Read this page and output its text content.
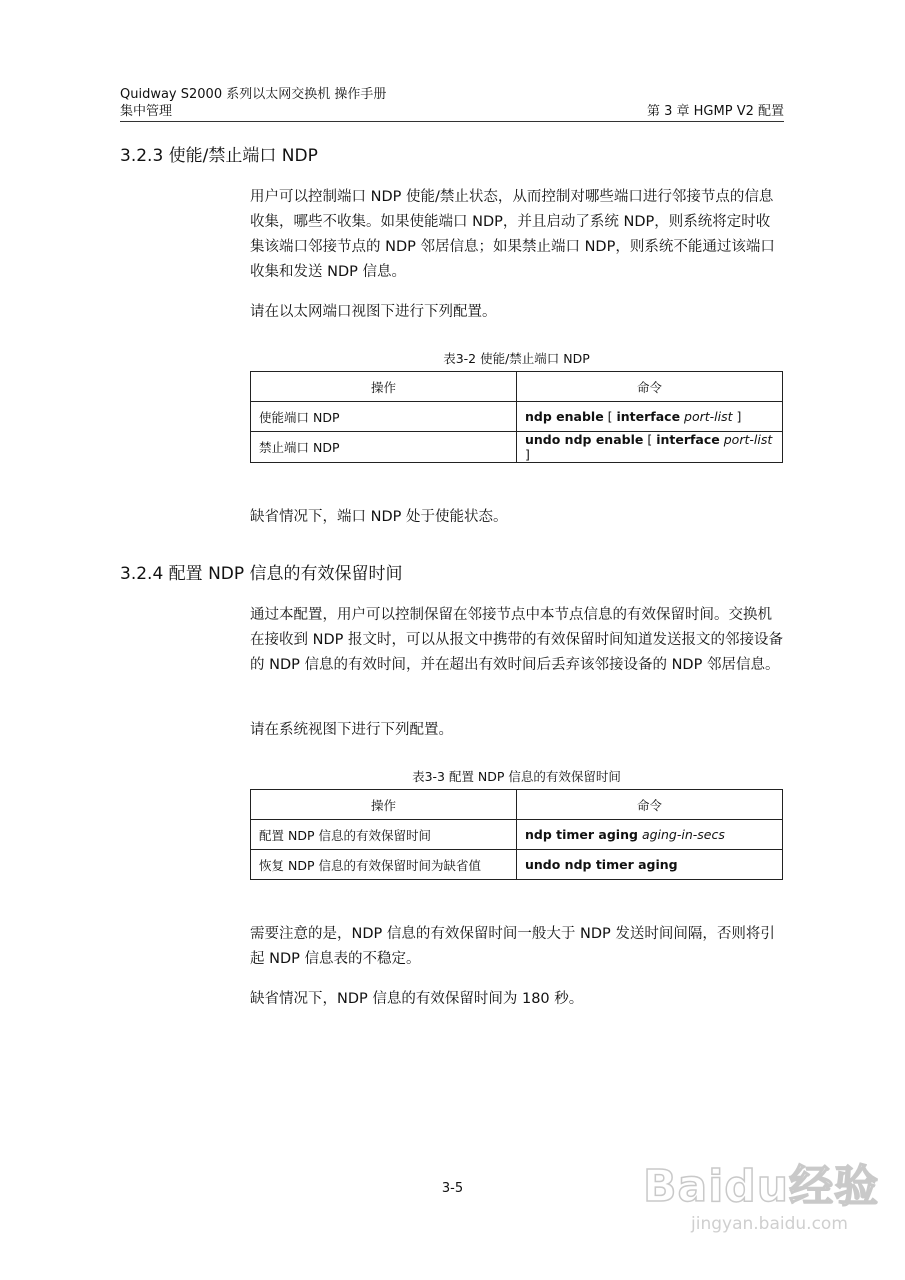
Quidway S2000 系列以太网交换机 操作手册
集中管理	第 3 章 HGMP V2 配置
3.2.3 使能/禁止端口 NDP

用户可以控制端口 NDP 使能/禁止状态，从而控制对哪些端口进行邻接节点的信息收集，哪些不收集。如果使能端口 NDP，并且启动了系统 NDP，则系统将定时收集该端口邻接节点的 NDP 邻居信息；如果禁止端口 NDP，则系统不能通过该端口收集和发送 NDP 信息。

请在以太网端口视图下进行下列配置。

表3-2 使能/禁止端口 NDP
操作	命令
使能端口 NDP	ndp enable [ interface port-list ]
禁止端口 NDP	undo ndp enable [ interface port-list ]

缺省情况下，端口 NDP 处于使能状态。

3.2.4 配置 NDP 信息的有效保留时间

通过本配置，用户可以控制保留在邻接节点中本节点信息的有效保留时间。交换机在接收到 NDP 报文时，可以从报文中携带的有效保留时间知道发送报文的邻接设备的 NDP 信息的有效时间，并在超出有效时间后丢弃该邻接设备的 NDP 邻居信息。

请在系统视图下进行下列配置。

表3-3 配置 NDP 信息的有效保留时间
操作	命令
配置 NDP 信息的有效保留时间	ndp timer aging aging-in-secs
恢复 NDP 信息的有效保留时间为缺省值	undo ndp timer aging

需要注意的是，NDP 信息的有效保留时间一般大于 NDP 发送时间间隔，否则将引起 NDP 信息表的不稳定。

缺省情况下，NDP 信息的有效保留时间为 180 秒。

3-5	Baidu经验
jingyan.baidu.com
